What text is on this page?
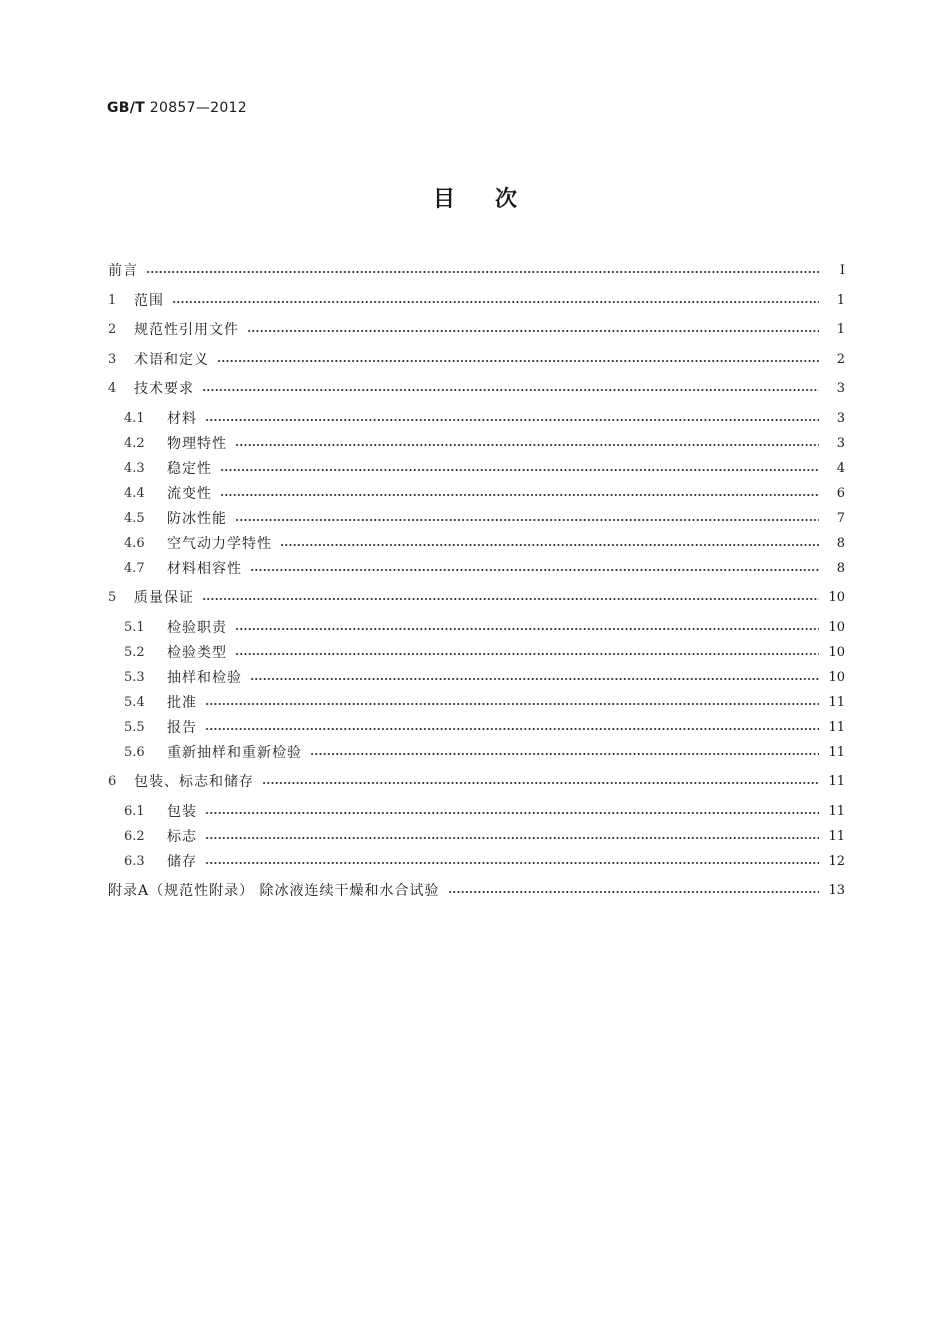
GB/T 20857—2012
目次
前言	Ⅰ
1	范围	1
2	规范性引用文件	1
3	术语和定义	2
4	技术要求	3
4.1	材料	3
4.2	物理特性	3
4.3	稳定性	4
4.4	流变性	6
4.5	防冰性能	7
4.6	空气动力学特性	8
4.7	材料相容性	8
5	质量保证	10
5.1	检验职责	10
5.2	检验类型	10
5.3	抽样和检验	10
5.4	批准	11
5.5	报告	11
5.6	重新抽样和重新检验	11
6	包装、标志和储存	11
6.1	包装	11
6.2	标志	11
6.3	储存	12
附录A（规范性附录） 除冰液连续干燥和水合试验	13
